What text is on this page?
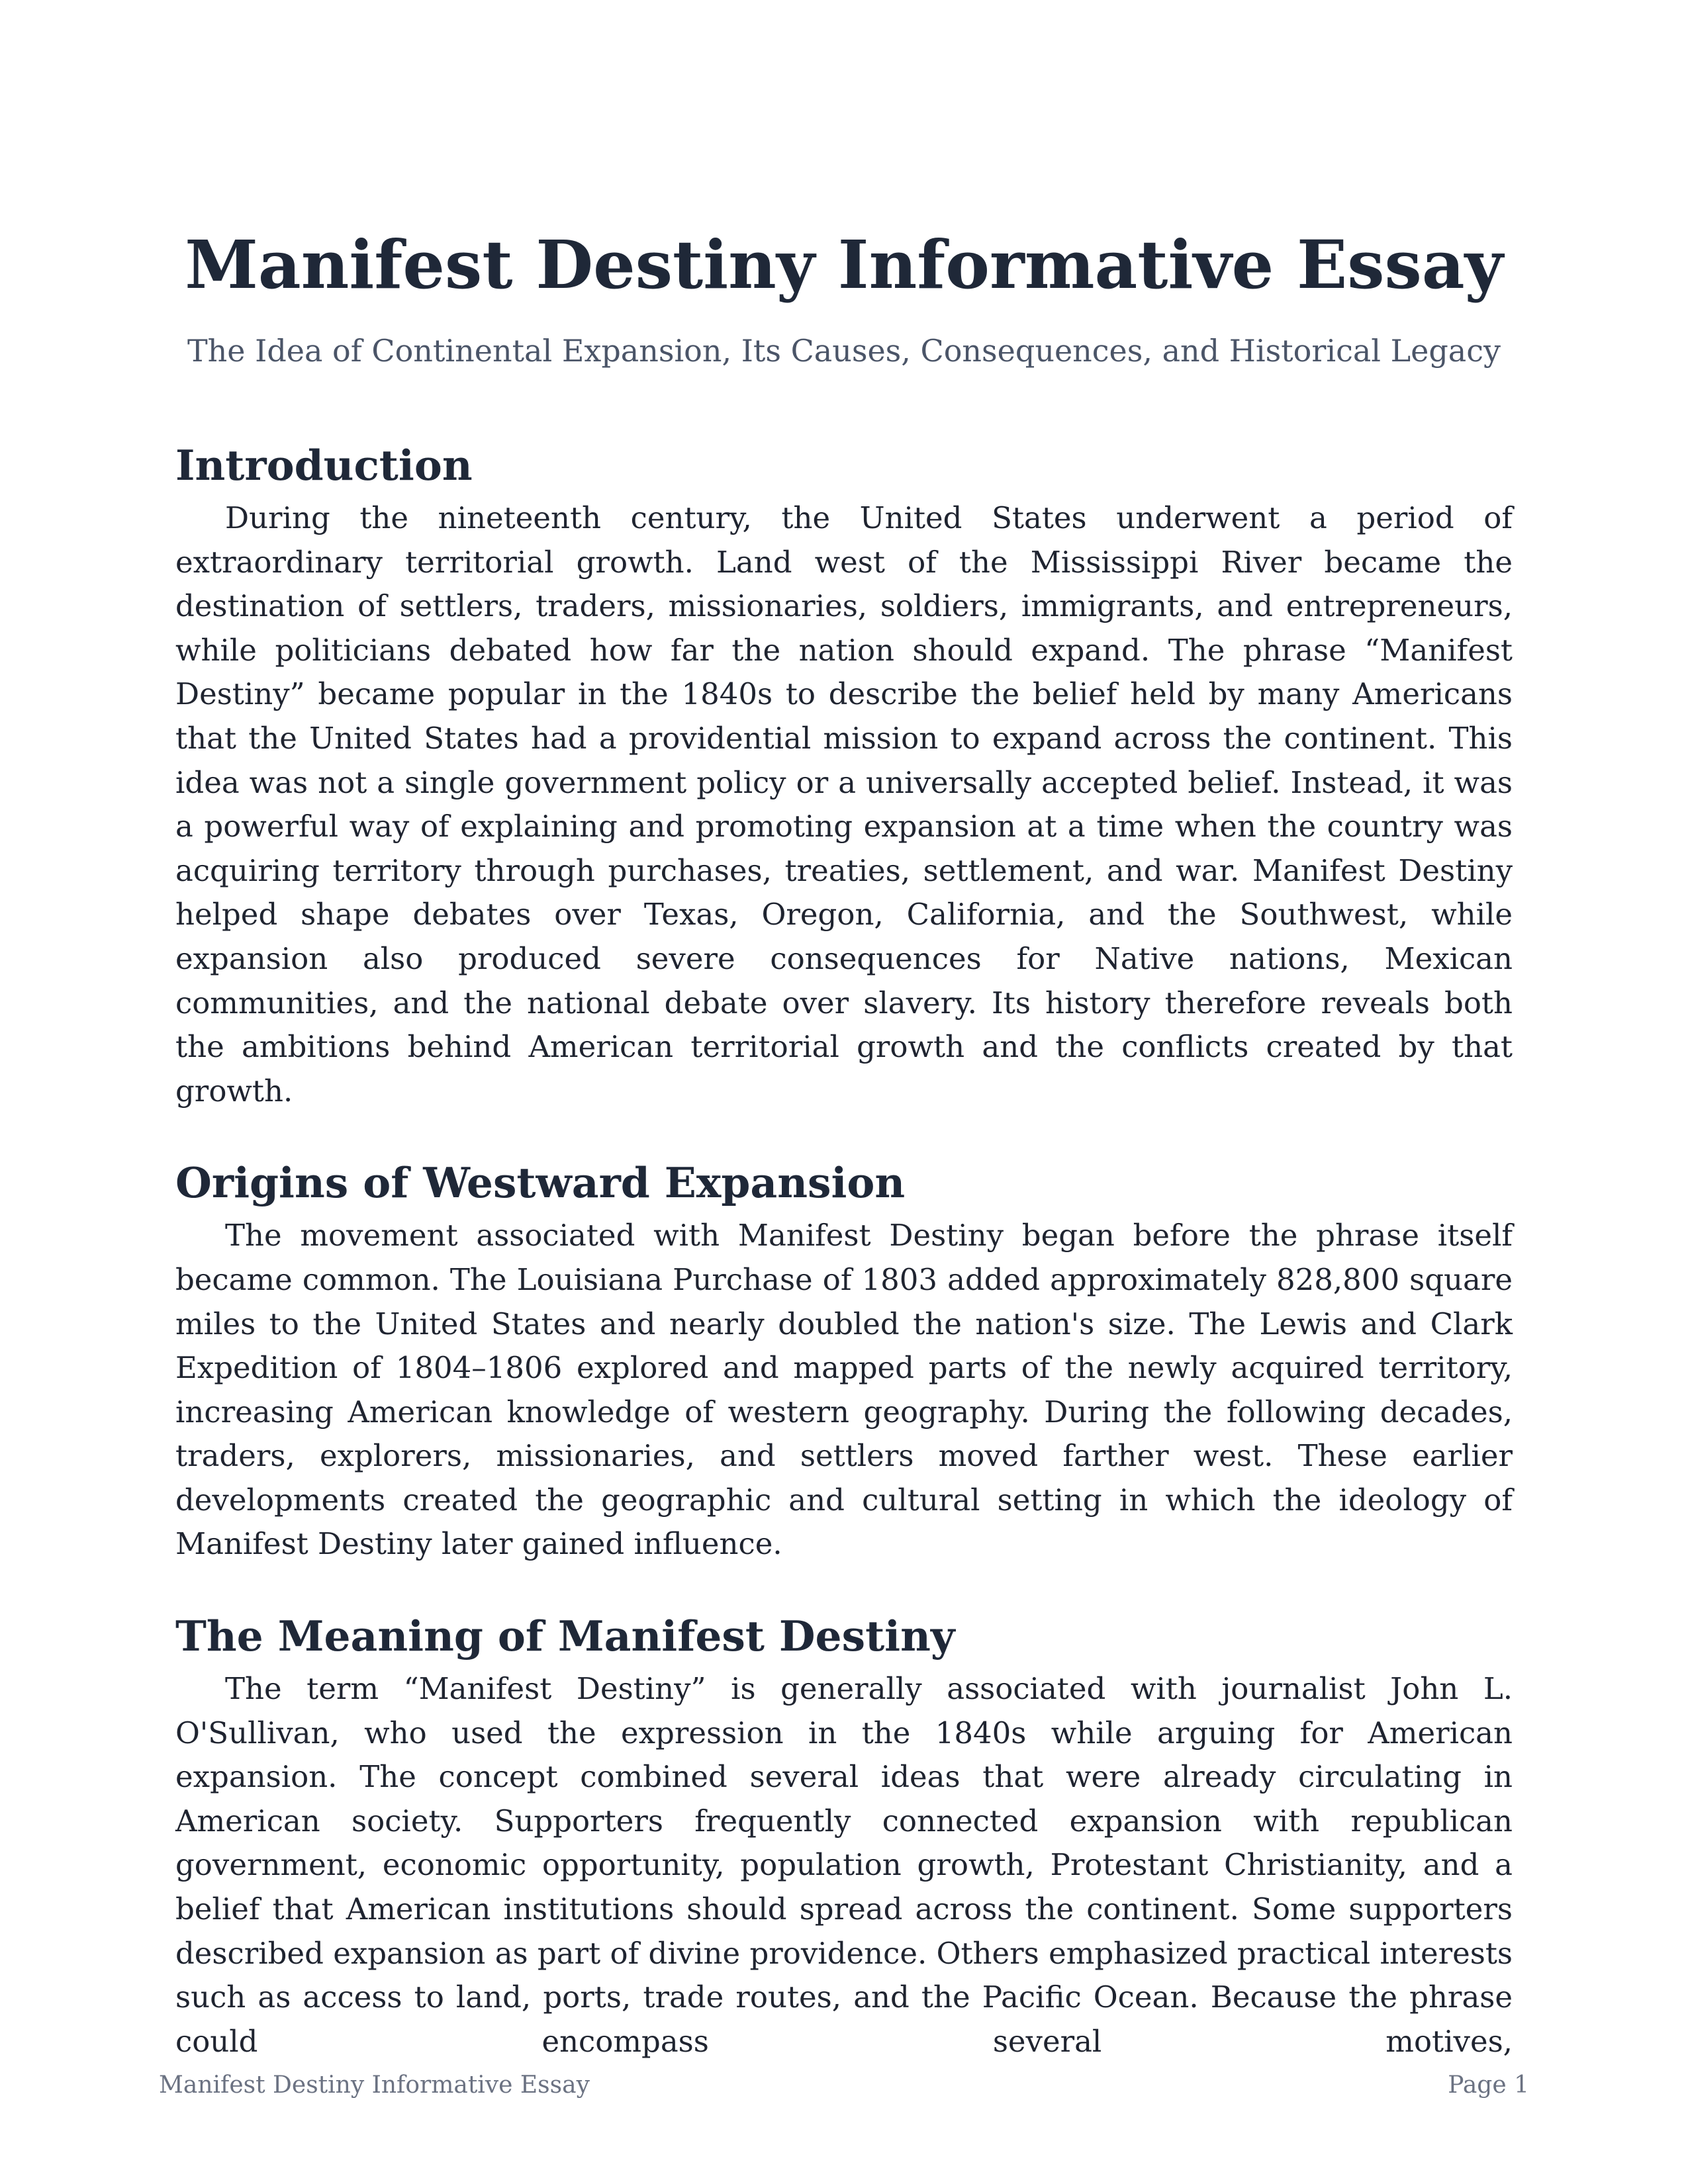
Manifest Destiny Informative Essay
The Idea of Continental Expansion, Its Causes, Consequences, and Historical Legacy
Introduction

During the nineteenth century, the United States underwent a period of extraordinary territorial growth. Land west of the Mississippi River became the destination of settlers, traders, missionaries, soldiers, immigrants, and entrepreneurs, while politicians debated how far the nation should expand. The phrase “Manifest Destiny” became popular in the 1840s to describe the belief held by many Americans that the United States had a providential mission to expand across the continent. This idea was not a single government policy or a universally accepted belief. Instead, it was a powerful way of explaining and promoting expansion at a time when the country was acquiring territory through purchases, treaties, settlement, and war. Manifest Destiny helped shape debates over Texas, Oregon, California, and the Southwest, while expansion also produced severe consequences for Native nations, Mexican communities, and the national debate over slavery. Its history therefore reveals both the ambitions behind American territorial growth and the conflicts created by that growth.

Origins of Westward Expansion

The movement associated with Manifest Destiny began before the phrase itself became common. The Louisiana Purchase of 1803 added approximately 828,800 square miles to the United States and nearly doubled the nation's size. The Lewis and Clark Expedition of 1804–1806 explored and mapped parts of the newly acquired territory, increasing American knowledge of western geography. During the following decades, traders, explorers, missionaries, and settlers moved farther west. These earlier developments created the geographic and cultural setting in which the ideology of Manifest Destiny later gained influence.

The Meaning of Manifest Destiny

The term “Manifest Destiny” is generally associated with journalist John L. O'Sullivan, who used the expression in the 1840s while arguing for American expansion. The concept combined several ideas that were already circulating in American society. Supporters frequently connected expansion with republican government, economic opportunity, population growth, Protestant Christianity, and a belief that American institutions should spread across the continent. Some supporters described expansion as part of divine providence. Others emphasized practical interests such as access to land, ports, trade routes, and the Pacific Ocean. Because the phrase could encompass several motives,

Manifest Destiny Informative Essay	Page 1
